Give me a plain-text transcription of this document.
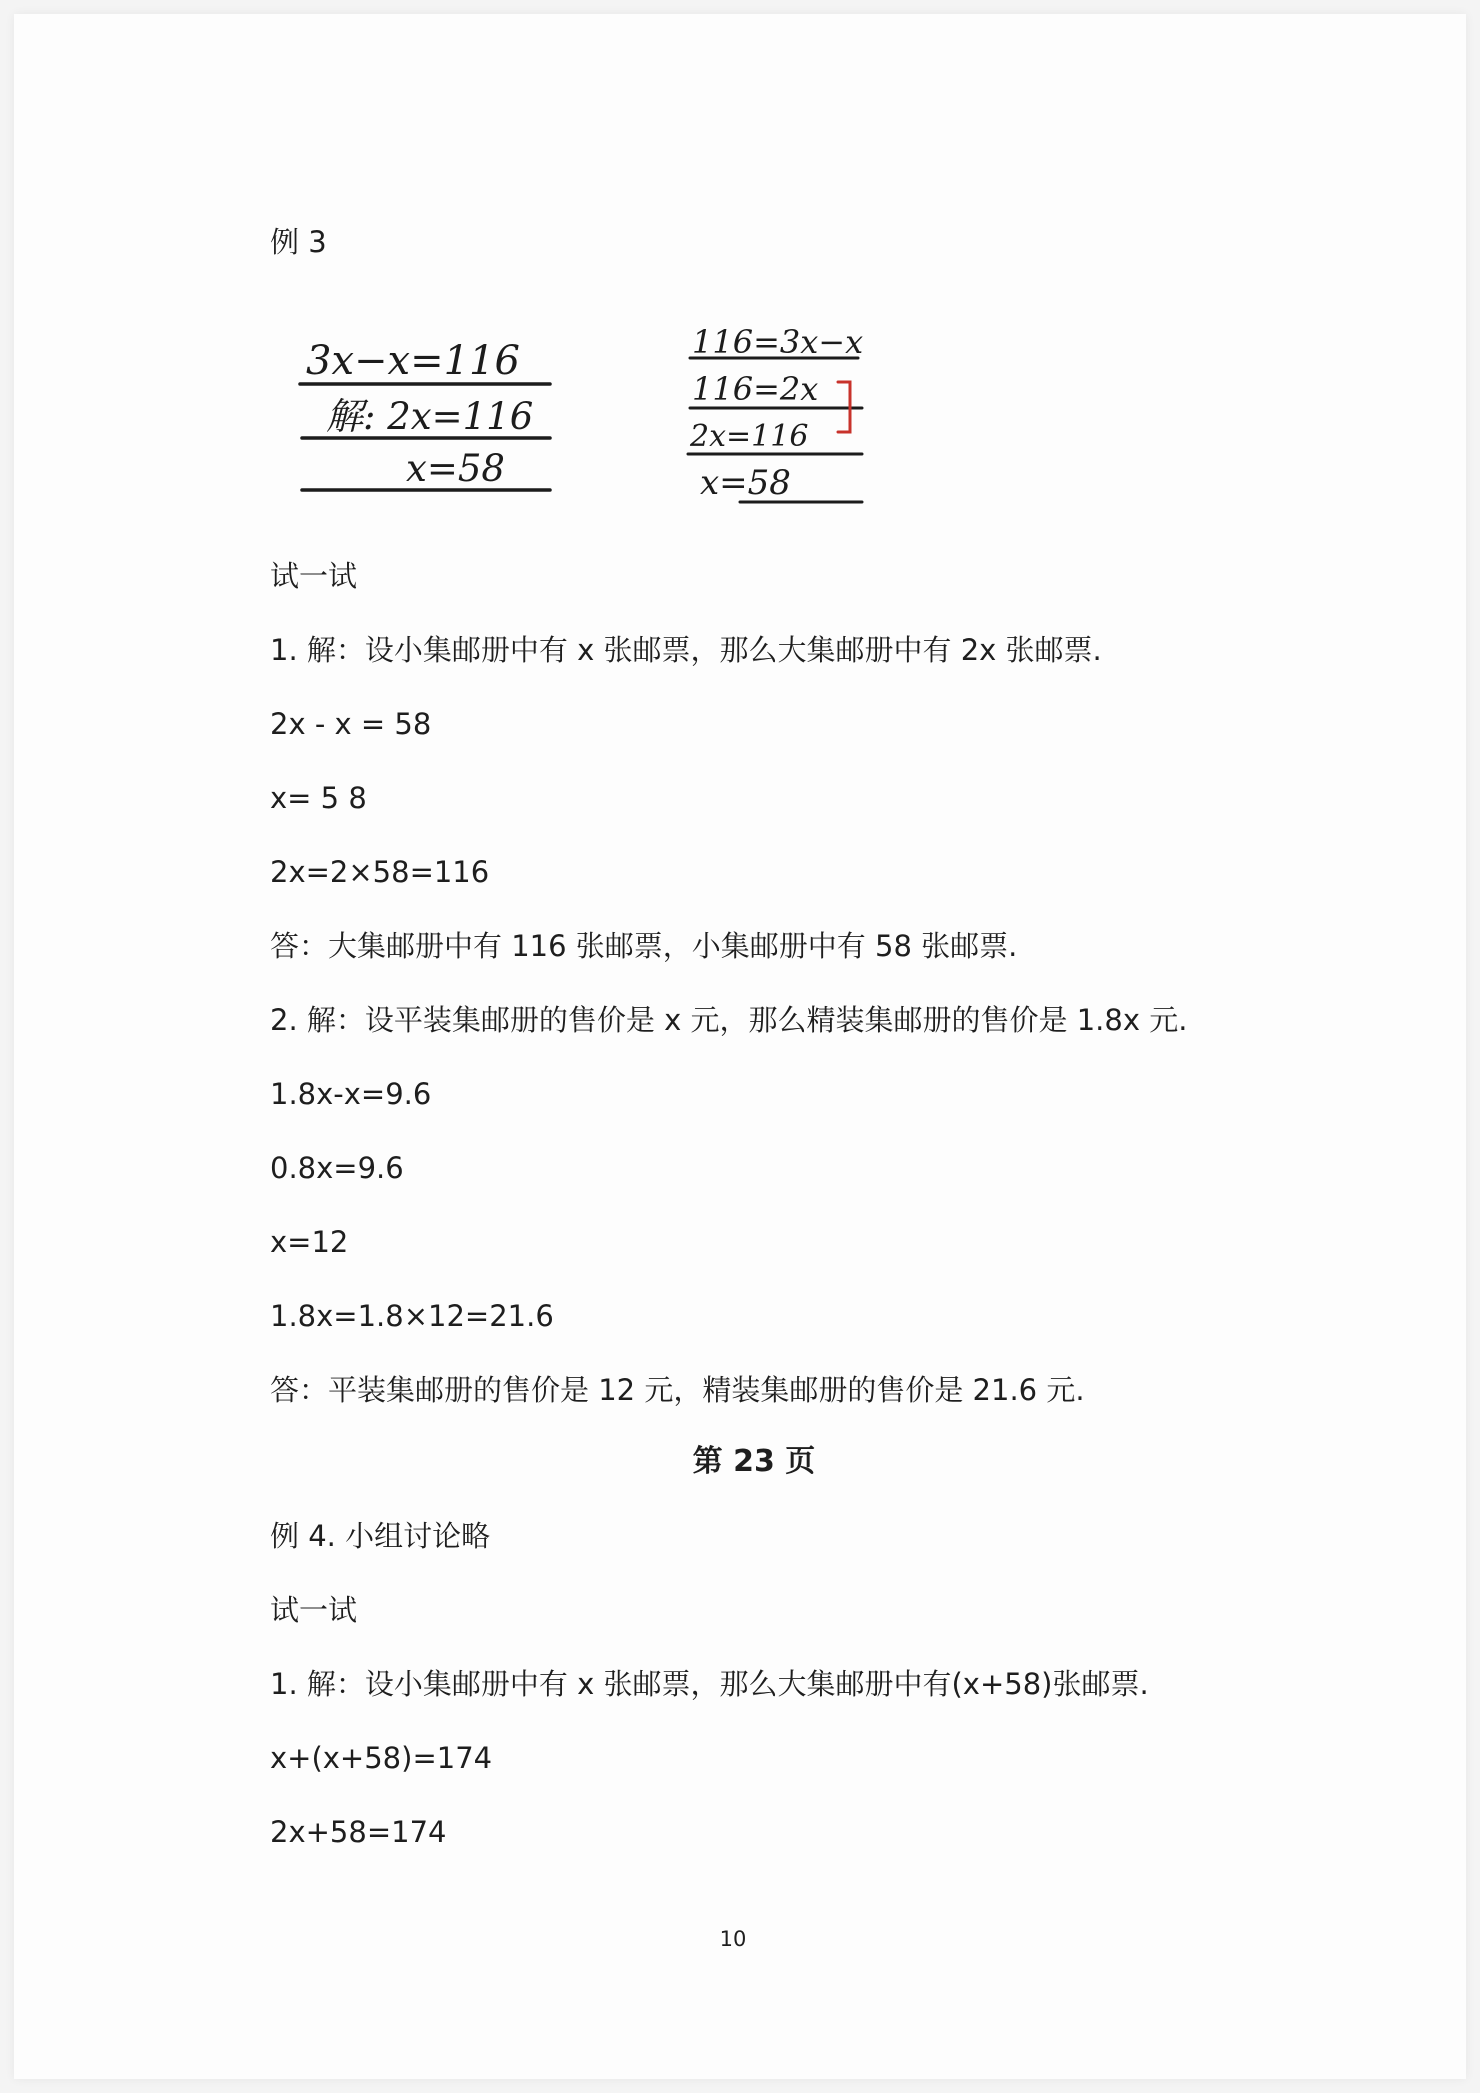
例 3
3x−x=116
解: 2x=116
x=58
116=3x−x
116=2x
2x=116
x=58
试一试
1. 解：设小集邮册中有 x 张邮票，那么大集邮册中有 2x 张邮票.
2x - x = 58
x= 5 8
2x=2×58=116
答：大集邮册中有 116 张邮票，小集邮册中有 58 张邮票.
2. 解：设平装集邮册的售价是 x 元，那么精装集邮册的售价是 1.8x 元.
1.8x-x=9.6
0.8x=9.6
x=12
1.8x=1.8×12=21.6
答：平装集邮册的售价是 12 元，精装集邮册的售价是 21.6 元.
第 23 页
例 4. 小组讨论略
试一试
1. 解：设小集邮册中有 x 张邮票，那么大集邮册中有(x+58)张邮票.
x+(x+58)=174
2x+58=174
10
